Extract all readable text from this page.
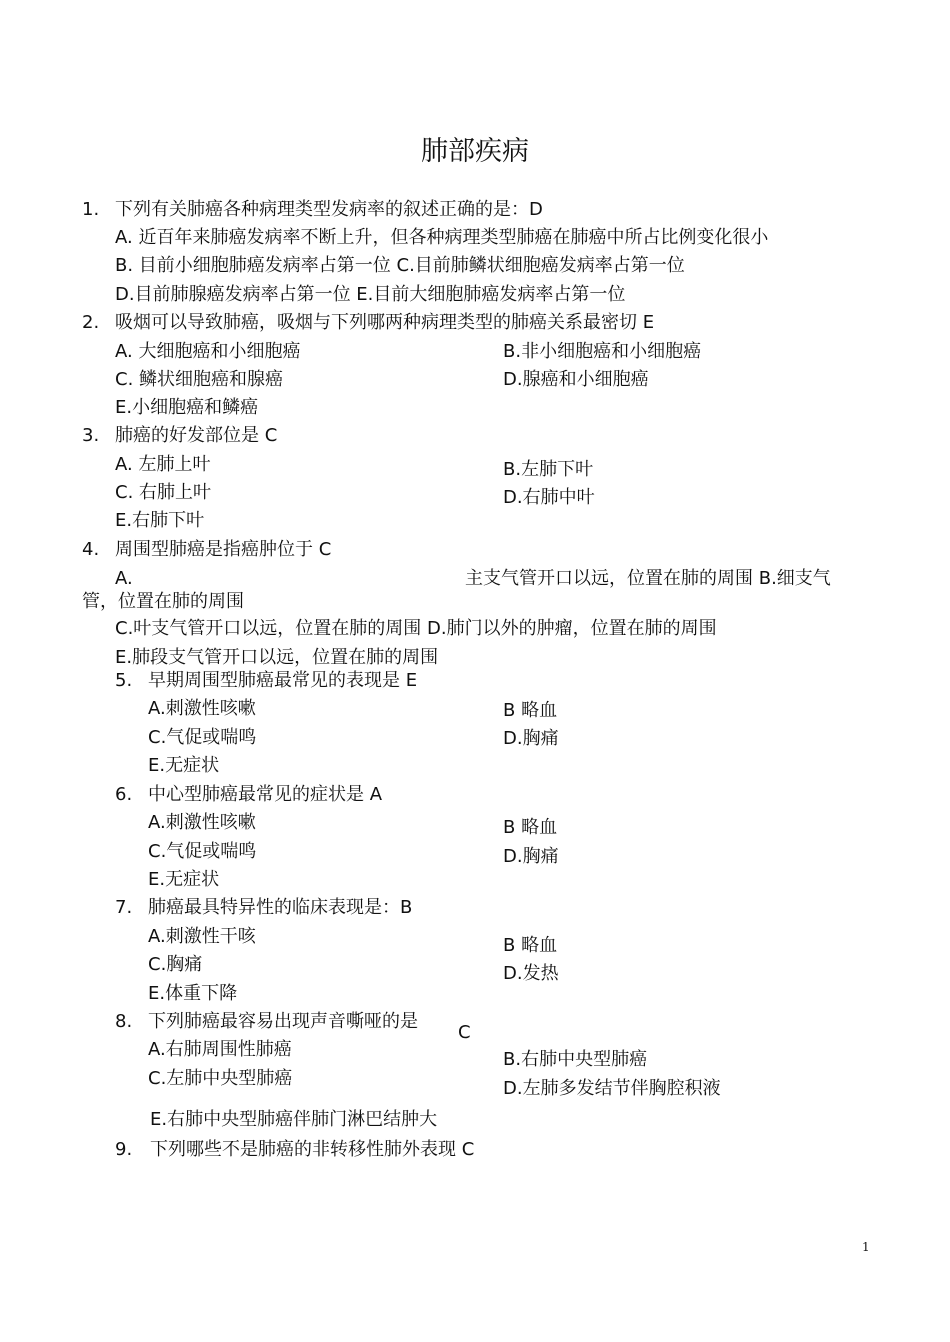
肺部疾病
1. 下列有关肺癌各种病理类型发病率的叙述正确的是：D
A. 近百年来肺癌发病率不断上升，但各种病理类型肺癌在肺癌中所占比例变化很小
B. 目前小细胞肺癌发病率占第一位 C.目前肺鳞状细胞癌发病率占第一位
D.目前肺腺癌发病率占第一位 E.目前大细胞肺癌发病率占第一位
2. 吸烟可以导致肺癌，吸烟与下列哪两种病理类型的肺癌关系最密切 E
A. 大细胞癌和小细胞癌	B.非小细胞癌和小细胞癌
C. 鳞状细胞癌和腺癌	D.腺癌和小细胞癌
E.小细胞癌和鳞癌
3. 肺癌的好发部位是 C
A. 左肺上叶	B.左肺下叶
C. 右肺上叶	D.右肺中叶
E.右肺下叶
4. 周围型肺癌是指癌肿位于 C
A.	主支气管开口以远，位置在肺的周围 B.细支气
管，位置在肺的周围
C.叶支气管开口以远，位置在肺的周围 D.肺门以外的肿瘤，位置在肺的周围
E.肺段支气管开口以远，位置在肺的周围
5. 早期周围型肺癌最常见的表现是 E
A.刺激性咳嗽	B 略血
C.气促或喘鸣	D.胸痛
E.无症状
6. 中心型肺癌最常见的症状是 A
A.刺激性咳嗽	B 略血
C.气促或喘鸣	D.胸痛
E.无症状
7. 肺癌最具特异性的临床表现是：B
A.刺激性干咳	B 略血
C.胸痛	D.发热
E.体重下降
8. 下列肺癌最容易出现声音嘶哑的是
C
A.右肺周围性肺癌	B.右肺中央型肺癌
C.左肺中央型肺癌	D.左肺多发结节伴胸腔积液
E.右肺中央型肺癌伴肺门淋巴结肿大
9. 下列哪些不是肺癌的非转移性肺外表现 C
1
